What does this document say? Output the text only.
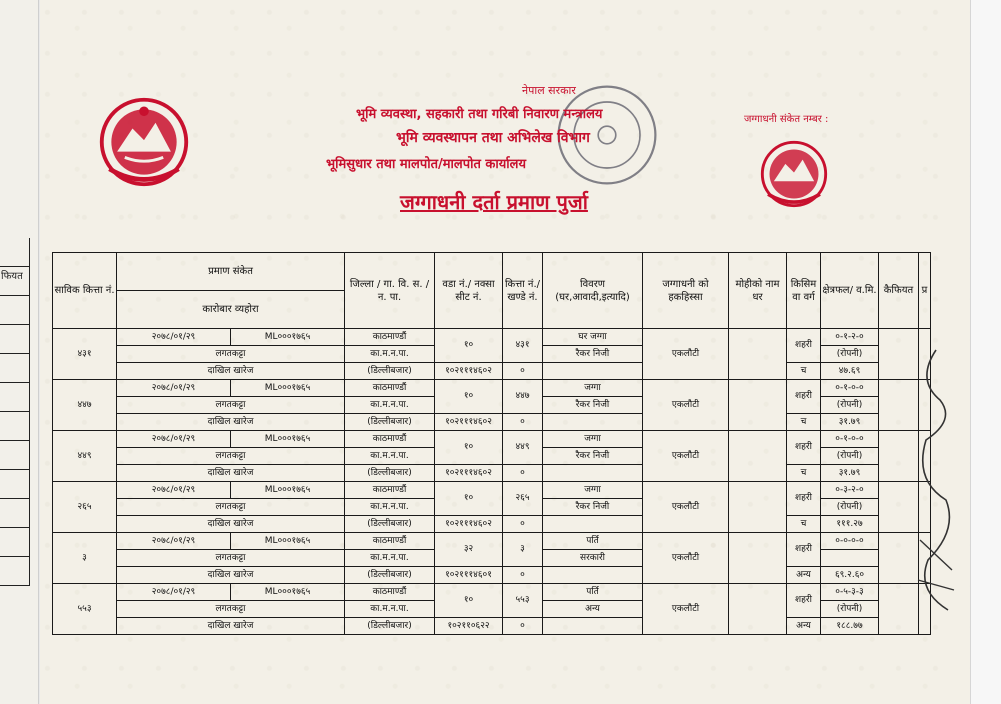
फियत
नेपाल सरकार
भूमि व्यवस्था, सहकारी तथा गरिबी निवारण मन्त्रालय
भूमि व्यवस्थापन तथा अभिलेख विभाग
भूमिसुधार तथा मालपोत/मालपोत कार्यालय
जग्गाधनी दर्ता प्रमाण पुर्जा
जग्गाधनी संकेत नम्बर :
साविक कित्ता नं.	प्रमाण संकेत		जिल्ला / गा. वि. स. / न. पा.	वडा नं./ नक्सा सीट नं.	कित्ता नं./ खण्डे नं.	विवरण (घर,आवादी,इत्यादि)	जग्गाधनी को हकहिस्सा	मोहीको नाम धर	किसिम वा वर्ग	क्षेत्रफल/ व.मि.	कैफियत	प्र
	कारोबार व्यहोरा											
४३१	२०७८/०१/२९	ML०००१७६५	काठमाण्डौं	१०	४३१	घर जग्गा	एकलौटी		शहरी	०-१-२-०		
	लगतकट्टा		का.म.न.पा.			रैकर निजी				(रोपनी)		
	दाखिल खारेज		(डिल्लीबजार)	१०२१११४६०२	०				च	४७.६९		
४४७	२०७८/०१/२९	ML०००१७६५	काठमाण्डौं	१०	४४७	जग्गा	एकलौटी		शहरी	०-१-०-०		
	लगतकट्टा		का.म.न.पा.			रैकर निजी				(रोपनी)		
	दाखिल खारेज		(डिल्लीबजार)	१०२१११४६०२	०				च	३१.७९		
४४९	२०७८/०१/२९	ML०००१७६५	काठमाण्डौं	१०	४४९	जग्गा	एकलौटी		शहरी	०-१-०-०		
	लगतकट्टा		का.म.न.पा.			रैकर निजी				(रोपनी)		
	दाखिल खारेज		(डिल्लीबजार)	१०२१११४६०२	०				च	३१.७९		
२६५	२०७८/०१/२९	ML०००१७६५	काठमाण्डौं	१०	२६५	जग्गा	एकलौटी		शहरी	०-३-२-०		
	लगतकट्टा		का.म.न.पा.			रैकर निजी				(रोपनी)		
	दाखिल खारेज		(डिल्लीबजार)	१०२१११४६०२	०				च	१११.२७		
३	२०७८/०१/२९	ML०००१७६५	काठमाण्डौं	३२	३	पर्ति	एकलौटी		शहरी	०-०-०-०		
	लगतकट्टा		का.म.न.पा.			सरकारी						
	दाखिल खारेज		(डिल्लीबजार)	१०२१११४६०१	०				अन्य	६९.२.६०		
५५३	२०७८/०१/२९	ML०००१७६५	काठमाण्डौं	१०	५५३	पर्ति	एकलौटी		शहरी	०-५-३-३		
	लगतकट्टा		का.म.न.पा.			अन्य				(रोपनी)		
	दाखिल खारेज		(डिल्लीबजार)	१०२११०६२२	०				अन्य	१८८.७७		
